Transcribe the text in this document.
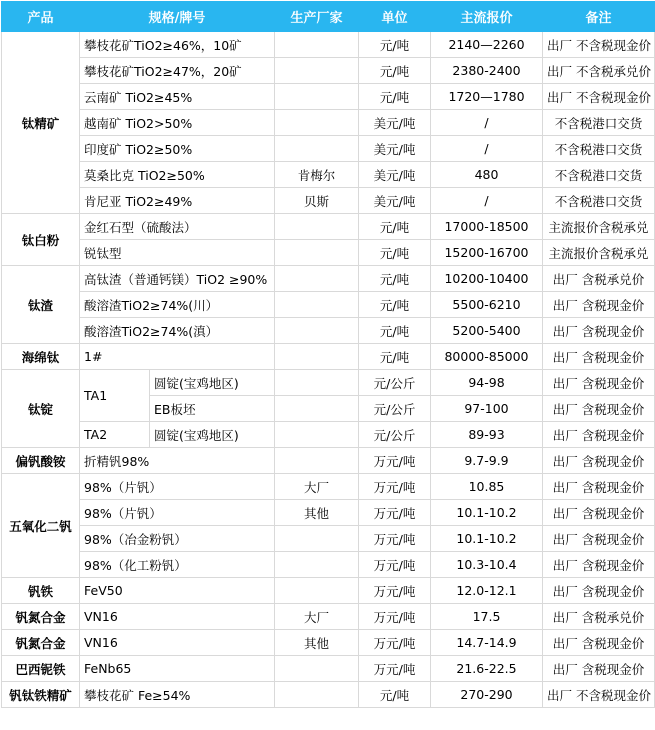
产品	规格/牌号		生产厂家	单位	主流报价	备注
钛精矿	攀枝花矿TiO2≥46%，10矿			元/吨	2140—2260	出厂 不含税现金价
	攀枝花矿TiO2≥47%，20矿			元/吨	2380-2400	出厂 不含税承兑价
	云南矿 TiO2≥45%			元/吨	1720—1780	出厂 不含税现金价
	越南矿 TiO2>50%			美元/吨	/	不含税港口交货
	印度矿 TiO2≥50%			美元/吨	/	不含税港口交货
	莫桑比克 TiO2≥50%		肯梅尔	美元/吨	480	不含税港口交货
	肯尼亚 TiO2≥49%		贝斯	美元/吨	/	不含税港口交货
钛白粉	金红石型（硫酸法）			元/吨	17000-18500	主流报价含税承兑
	锐钛型			元/吨	15200-16700	主流报价含税承兑
钛渣	高钛渣（普通钙镁）TiO2 ≥90%			元/吨	10200-10400	出厂 含税承兑价
	酸溶渣TiO2≥74%(川）			元/吨	5500-6210	出厂 含税现金价
	酸溶渣TiO2≥74%(滇）			元/吨	5200-5400	出厂 含税现金价
海绵钛	1#			元/吨	80000-85000	出厂 含税现金价
钛锭	TA1	圆锭(宝鸡地区)		元/公斤	94-98	出厂 含税现金价
		EB板坯		元/公斤	97-100	出厂 含税现金价
	TA2	圆锭(宝鸡地区)		元/公斤	89-93	出厂 含税现金价
偏钒酸铵	折精钒98%			万元/吨	9.7-9.9	出厂 含税现金价
五氧化二钒	98%（片钒）		大厂	万元/吨	10.85	出厂 含税现金价
	98%（片钒）		其他	万元/吨	10.1-10.2	出厂 含税现金价
	98%（冶金粉钒）			万元/吨	10.1-10.2	出厂 含税现金价
	98%（化工粉钒）			万元/吨	10.3-10.4	出厂 含税现金价
钒铁	FeV50			万元/吨	12.0-12.1	出厂 含税现金价
钒氮合金	VN16		大厂	万元/吨	17.5	出厂 含税承兑价
钒氮合金	VN16		其他	万元/吨	14.7-14.9	出厂 含税现金价
巴西铌铁	FeNb65			万元/吨	21.6-22.5	出厂 含税现金价
钒钛铁精矿	攀枝花矿 Fe≥54%			元/吨	270-290	出厂 不含税现金价
